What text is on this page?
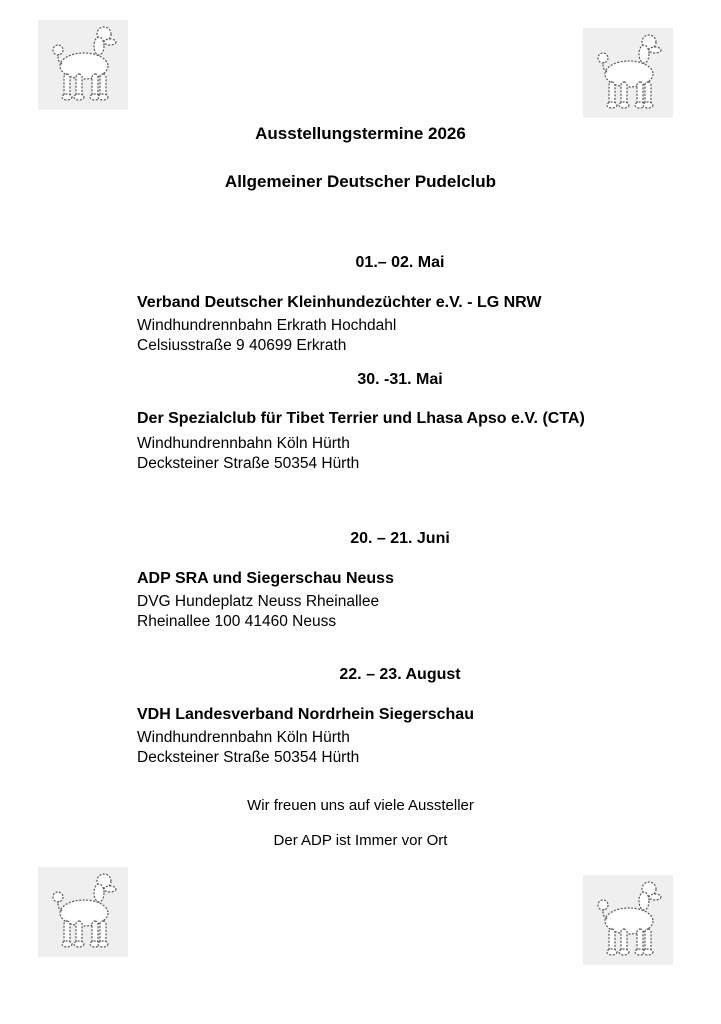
Ausstellungstermine 2026
Allgemeiner Deutscher Pudelclub
01.– 02. Mai
Verband Deutscher Kleinhundezüchter e.V. - LG NRW
Windhundrennbahn Erkrath Hochdahl
Celsiusstraße 9 40699 Erkrath
30. -31. Mai
Der Spezialclub für Tibet Terrier und Lhasa Apso e.V. (CTA)
Windhundrennbahn Köln Hürth
Decksteiner Straße 50354 Hürth
20. – 21. Juni
ADP SRA und Siegerschau Neuss
DVG Hundeplatz Neuss Rheinallee
Rheinallee 100 41460 Neuss
22. – 23. August
VDH Landesverband Nordrhein Siegerschau
Windhundrennbahn Köln Hürth
Decksteiner Straße 50354 Hürth
Wir freuen uns auf viele Aussteller
Der ADP ist Immer vor Ort
